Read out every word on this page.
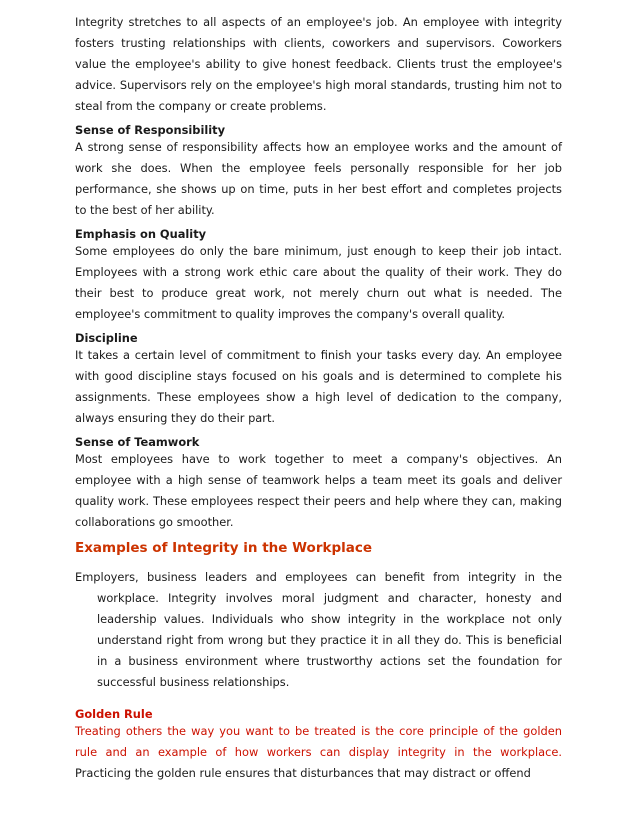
Integrity stretches to all aspects of an employee's job. An employee with integrity fosters trusting relationships with clients, coworkers and supervisors. Coworkers value the employee's ability to give honest feedback. Clients trust the employee's advice. Supervisors rely on the employee's high moral standards, trusting him not to steal from the company or create problems.

Sense of Responsibility

A strong sense of responsibility affects how an employee works and the amount of work she does. When the employee feels personally responsible for her job performance, she shows up on time, puts in her best effort and completes projects to the best of her ability.

Emphasis on Quality

Some employees do only the bare minimum, just enough to keep their job intact. Employees with a strong work ethic care about the quality of their work. They do their best to produce great work, not merely churn out what is needed. The employee's commitment to quality improves the company's overall quality.

Discipline

It takes a certain level of commitment to finish your tasks every day. An employee with good discipline stays focused on his goals and is determined to complete his assignments. These employees show a high level of dedication to the company, always ensuring they do their part.

Sense of Teamwork

Most employees have to work together to meet a company's objectives. An employee with a high sense of teamwork helps a team meet its goals and deliver quality work. These employees respect their peers and help where they can, making collaborations go smoother.

Examples of Integrity in the Workplace

Employers, business leaders and employees can benefit from integrity in the workplace. Integrity involves moral judgment and character, honesty and leadership values. Individuals who show integrity in the workplace not only understand right from wrong but they practice it in all they do. This is beneficial in a business environment where trustworthy actions set the foundation for successful business relationships.

Golden Rule

Treating others the way you want to be treated is the core principle of the golden rule and an example of how workers can display integrity in the workplace. Practicing the golden rule ensures that disturbances that may distract or offend
